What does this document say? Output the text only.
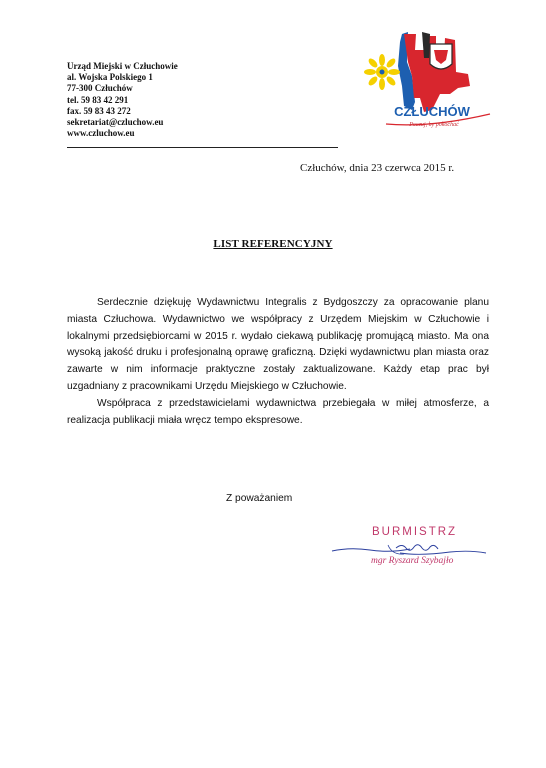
Urząd Miejski w Człuchowie
al. Wojska Polskiego 1
77-300 Człuchów
tel. 59 83 42 291
fax. 59 83 43 272
sekretariat@czluchow.eu
www.czluchow.eu
CZŁUCHÓW
Poczuj, by pokochać
Człuchów, dnia 23 czerwca 2015 r.
LIST REFERENCYJNY

Serdecznie dziękuję Wydawnictwu Integralis z Bydgoszczy za opracowanie planu miasta Człuchowa. Wydawnictwo we współpracy z Urzędem Miejskim w Człuchowie i lokalnymi przedsiębiorcami w 2015 r. wydało ciekawą publikację promującą miasto. Ma ona wysoką jakość druku i profesjonalną oprawę graficzną. Dzięki wydawnictwu plan miasta oraz zawarte w nim informacje praktyczne zostały zaktualizowane. Każdy etap prac był uzgadniany z pracownikami Urzędu Miejskiego w Człuchowie.

Współpraca z przedstawicielami wydawnictwa przebiegała w miłej atmosferze, a realizacja publikacji miała wręcz tempo ekspresowe.

Z poważaniem
BURMISTRZ
mgr Ryszard Szybajło
